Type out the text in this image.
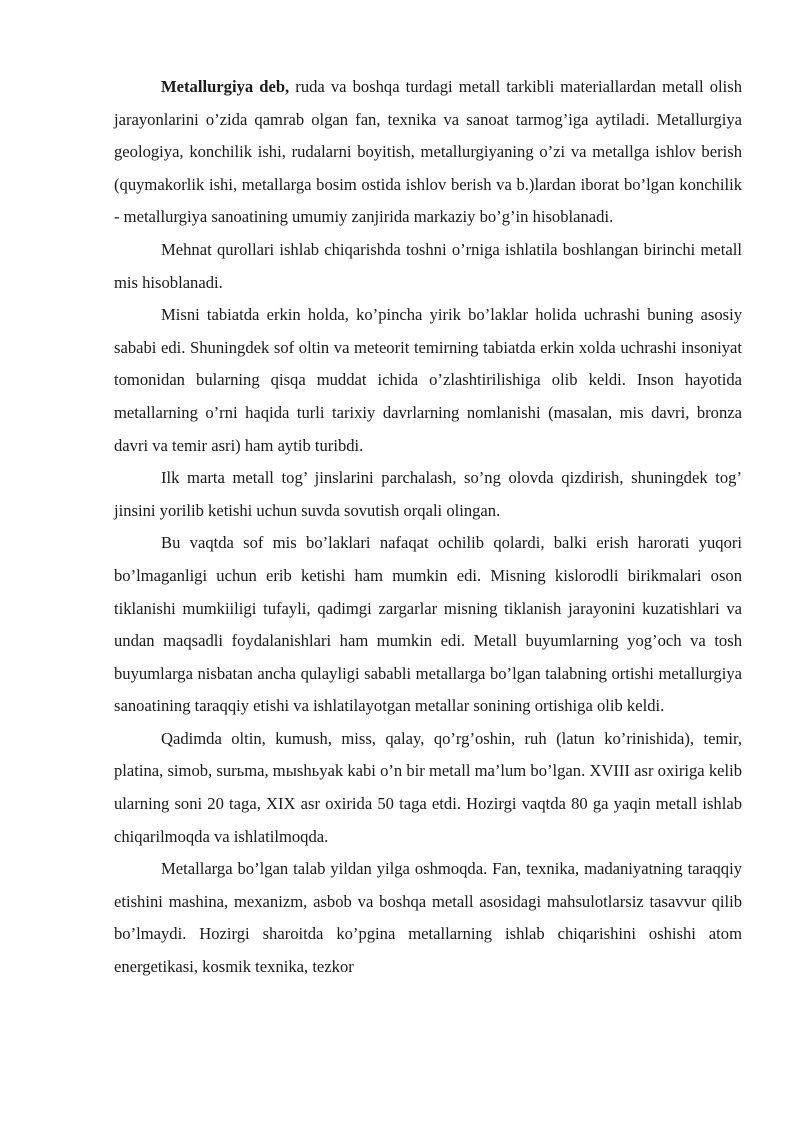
Metallurgiya deb, ruda va boshqa turdagi metall tarkibli materiallardan metall olish jarayonlarini o’zida qamrab olgan fan, texnika va sanoat tarmog’iga aytiladi. Metallurgiya geologiya, konchilik ishi, rudalarni boyitish, metallurgiyaning o’zi va metallga ishlov berish (quymakorlik ishi, metallarga bosim ostida ishlov berish va b.)lardan iborat bo’lgan konchilik - metallurgiya sanoatining umumiy zanjirida markaziy bo’g’in hisoblanadi.

Mehnat qurollari ishlab chiqarishda toshni o’rniga ishlatila boshlangan birinchi metall mis hisoblanadi.

Misni tabiatda erkin holda, ko’pincha yirik bo’laklar holida uchrashi buning asosiy sababi edi. Shuningdek sof oltin va meteorit temirning tabiatda erkin xolda uchrashi insoniyat tomonidan bularning qisqa muddat ichida o’zlashtirilishiga olib keldi. Inson hayotida metallarning o’rni haqida turli tarixiy davrlarning nomlanishi (masalan, mis davri, bronza davri va temir asri) ham aytib turibdi.

Ilk marta metall tog’ jinslarini parchalash, so’ng olovda qizdirish, shuningdek tog’ jinsini yorilib ketishi uchun suvda sovutish orqali olingan.

Bu vaqtda sof mis bo’laklari nafaqat ochilib qolardi, balki erish harorati yuqori bo’lmaganligi uchun erib ketishi ham mumkin edi. Misning kislorodli birikmalari oson tiklanishi mumkiiligi tufayli, qadimgi zargarlar misning tiklanish jarayonini kuzatishlari va undan maqsadli foydalanishlari ham mumkin edi. Metall buyumlarning yog’och va tosh buyumlarga nisbatan ancha qulayligi sababli metallarga bo’lgan talabning ortishi metallurgiya sanoatining taraqqiy etishi va ishlatilayotgan metallar sonining ortishiga olib keldi.

Qadimda oltin, kumush, miss, qalay, qo’rg’oshin, ruh (latun ko’rinishida), temir, platina, simob, surьma, mыshьyak kabi o’n bir metall ma’lum bo’lgan. XVIII asr oxiriga kelib ularning soni 20 taga, XIX asr oxirida 50 taga etdi. Hozirgi vaqtda 80 ga yaqin metall ishlab chiqarilmoqda va ishlatilmoqda.

Metallarga bo’lgan talab yildan yilga oshmoqda. Fan, texnika, madaniyatning taraqqiy etishini mashina, mexanizm, asbob va boshqa metall asosidagi mahsulotlarsiz tasavvur qilib bo’lmaydi. Hozirgi sharoitda ko’pgina metallarning ishlab chiqarishini oshishi atom energetikasi, kosmik texnika, tezkor
